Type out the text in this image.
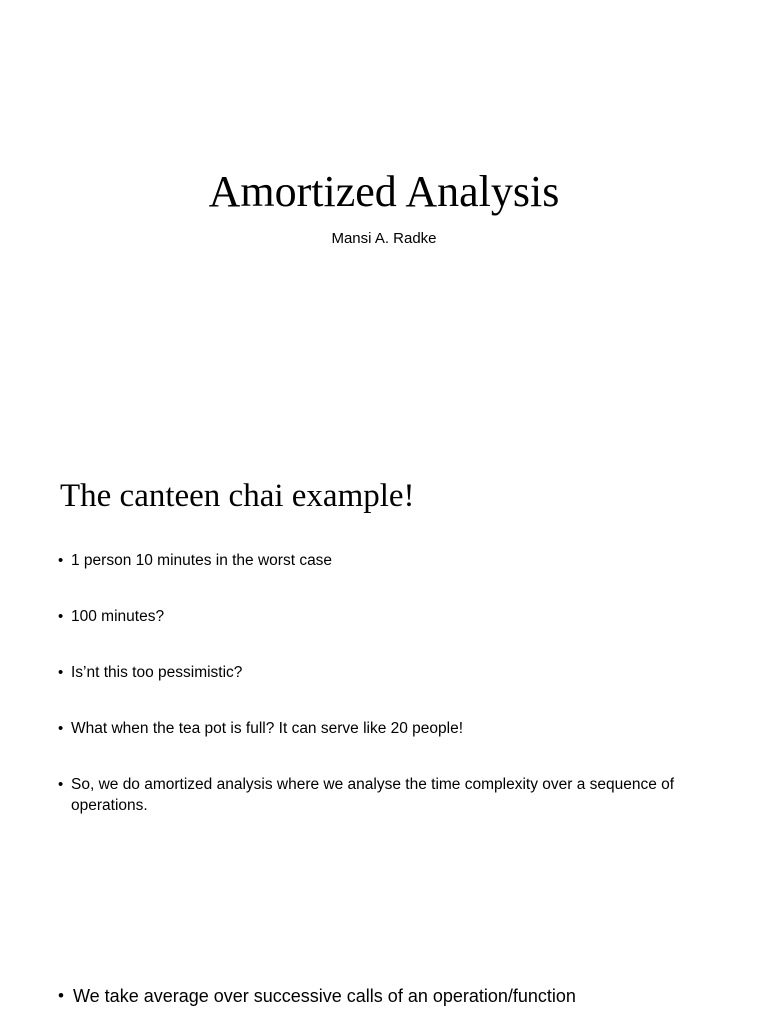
Amortized Analysis
Mansi A. Radke
The canteen chai example!
• 1 person 10 minutes in the worst case
• 100 minutes?
• Is’nt this too pessimistic?
• What when the tea pot is full? It can serve like 20 people!
• So, we do amortized analysis where we analyse the time complexity over a sequence of operations.
• We take average over successive calls of an operation/function
